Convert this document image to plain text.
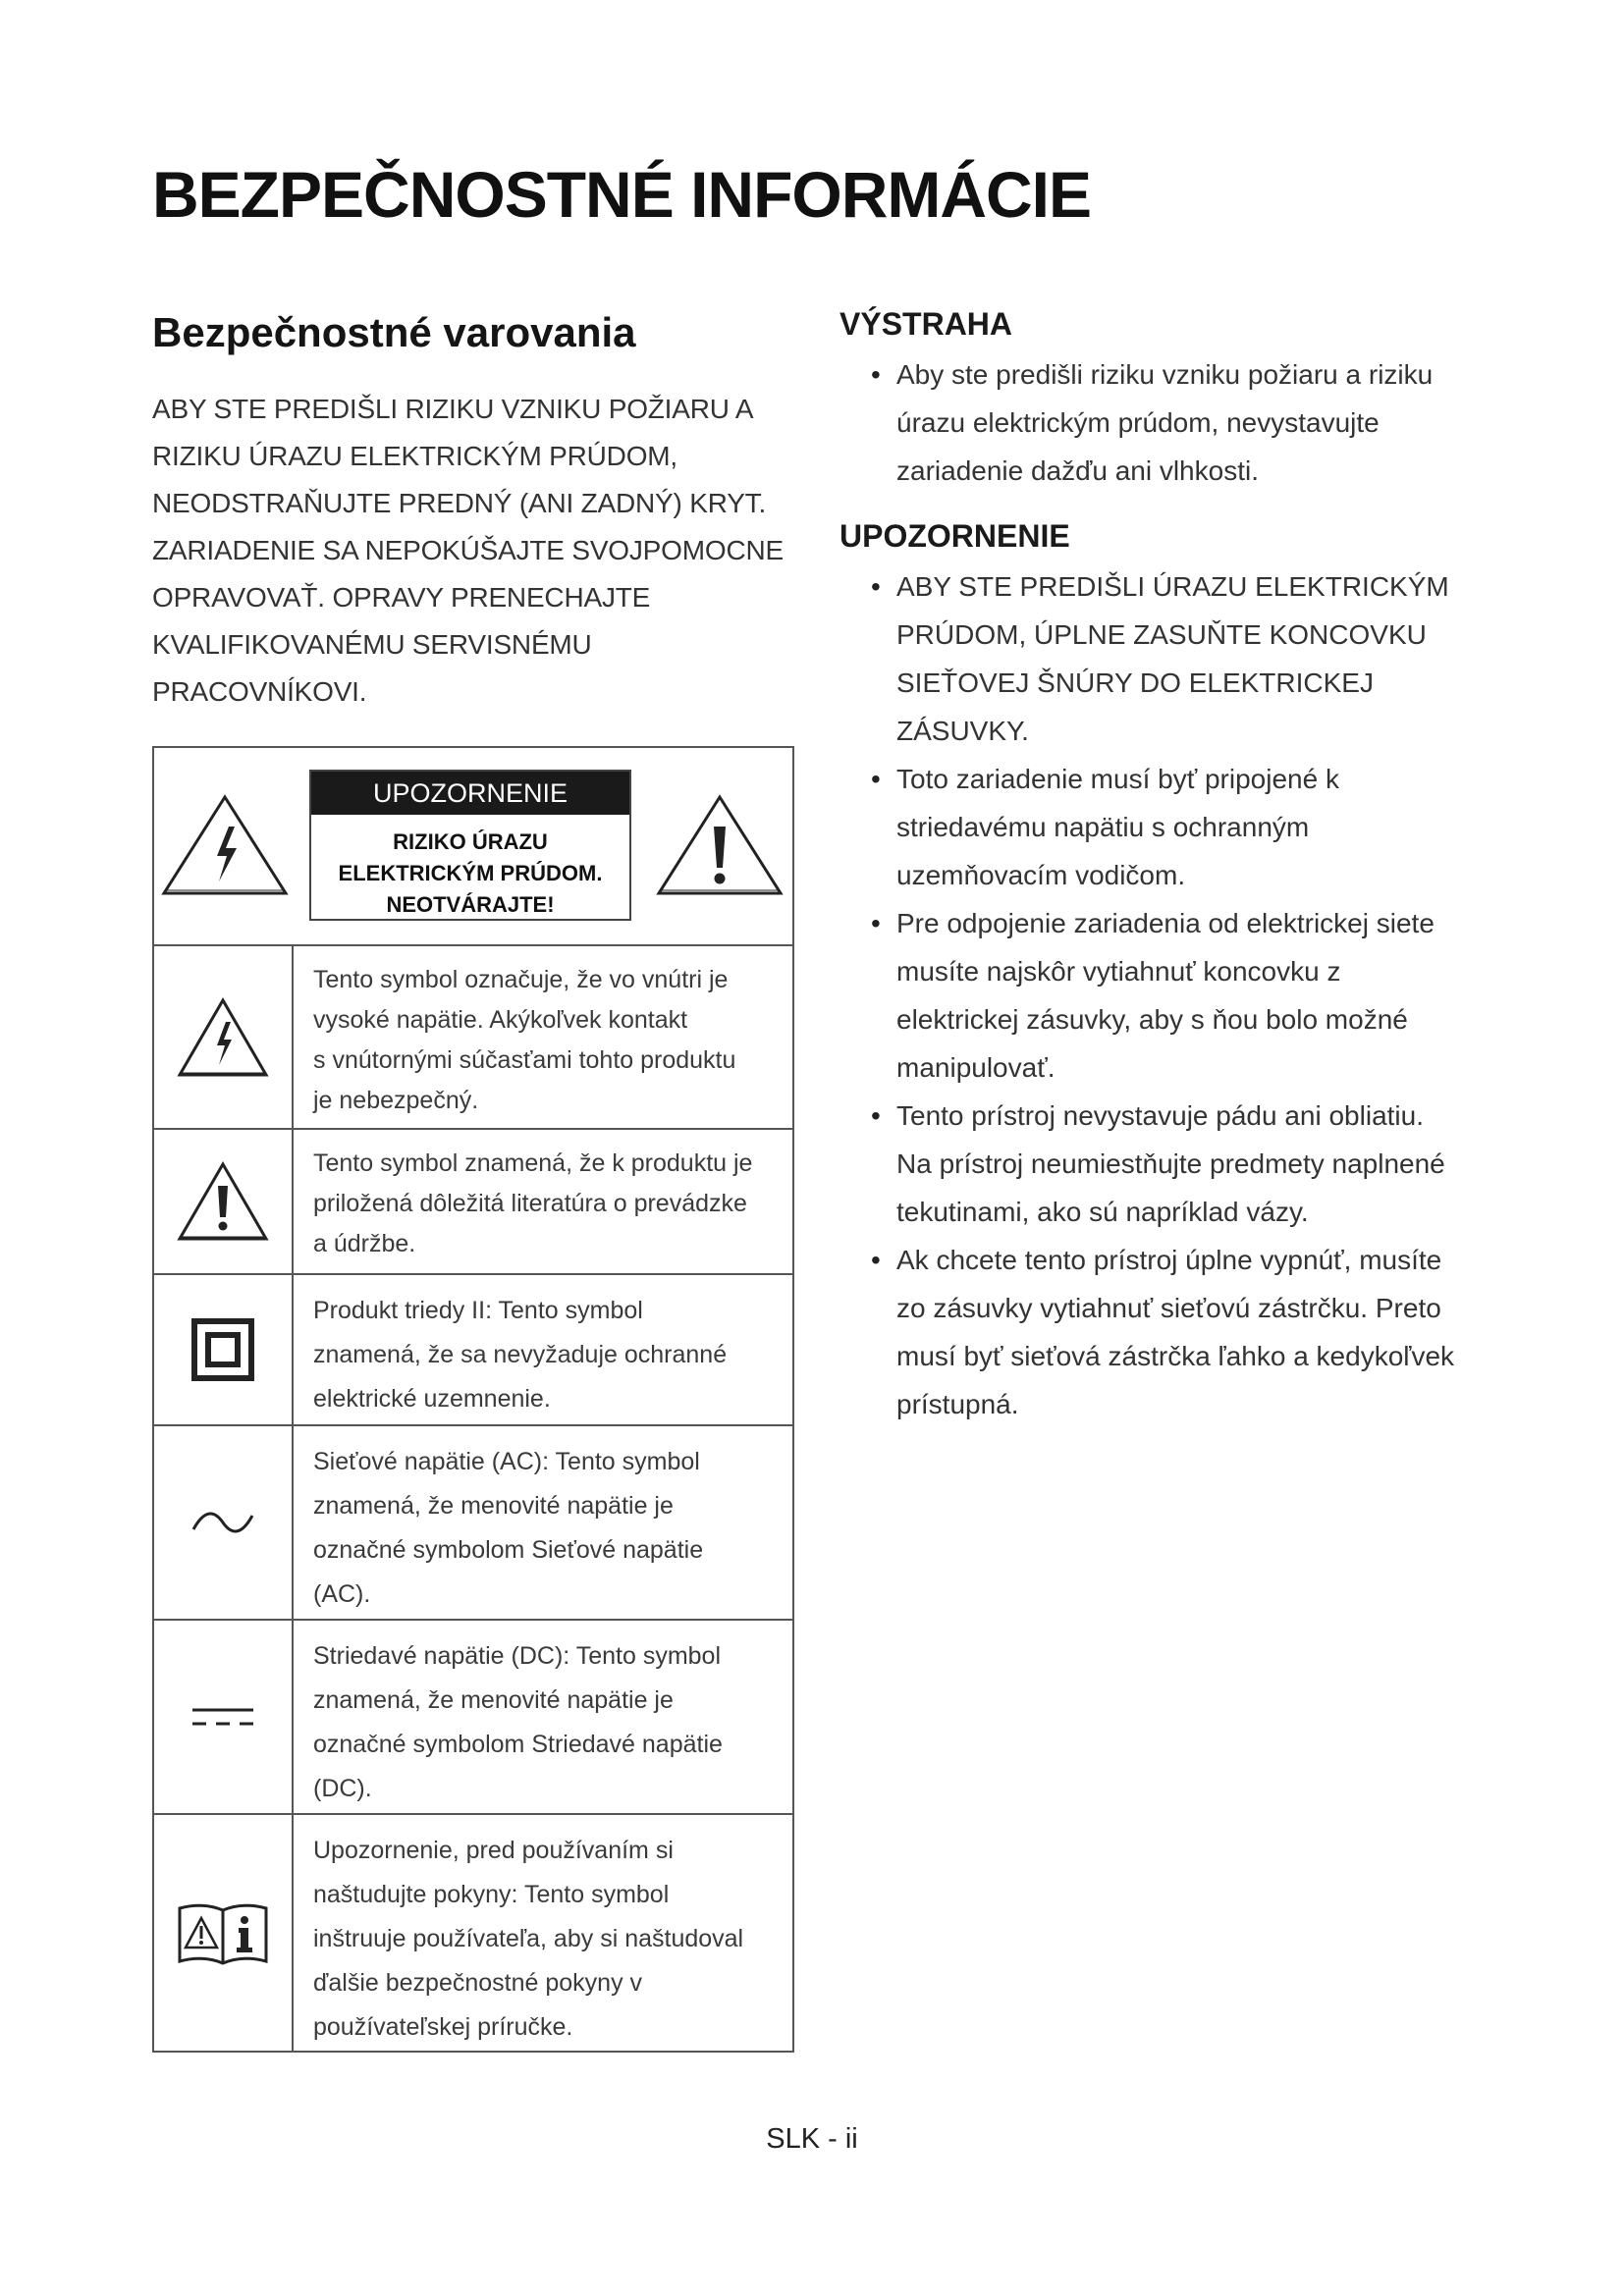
BEZPEČNOSTNÉ INFORMÁCIE
Bezpečnostné varovania
ABY STE PREDIŠLI RIZIKU VZNIKU POŽIARU A
RIZIKU ÚRAZU ELEKTRICKÝM PRÚDOM,
NEODSTRAŇUJTE PREDNÝ (ANI ZADNÝ) KRYT.
ZARIADENIE SA NEPOKÚŠAJTE SVOJPOMOCNE
OPRAVOVAŤ. OPRAVY PRENECHAJTE
KVALIFIKOVANÉMU SERVISNÉMU
PRACOVNÍKOVI.
UPOZORNENIE
RIZIKO ÚRAZU
ELEKTRICKÝM PRÚDOM.
NEOTVÁRAJTE!
Tento symbol označuje, že vo vnútri je
vysoké napätie. Akýkoľvek kontakt
s vnútornými súčasťami tohto produktu
je nebezpečný.
Tento symbol znamená, že k produktu je
priložená dôležitá literatúra o prevádzke
a údržbe.
Produkt triedy II: Tento symbol
znamená, že sa nevyžaduje ochranné
elektrické uzemnenie.
Sieťové napätie (AC): Tento symbol
znamená, že menovité napätie je
označné symbolom Sieťové napätie
(AC).
Striedavé napätie (DC): Tento symbol
znamená, že menovité napätie je
označné symbolom Striedavé napätie
(DC).
Upozornenie, pred používaním si
naštudujte pokyny: Tento symbol
inštruuje používateľa, aby si naštudoval
ďalšie bezpečnostné pokyny v
používateľskej príručke.
VÝSTRAHA
• Aby ste predišli riziku vzniku požiaru a riziku
úrazu elektrickým prúdom, nevystavujte
zariadenie dažďu ani vlhkosti.
UPOZORNENIE
• ABY STE PREDIŠLI ÚRAZU ELEKTRICKÝM
PRÚDOM, ÚPLNE ZASUŇTE KONCOVKU
SIEŤOVEJ ŠNÚRY DO ELEKTRICKEJ
ZÁSUVKY.
• Toto zariadenie musí byť pripojené k
striedavému napätiu s ochranným
uzemňovacím vodičom.
• Pre odpojenie zariadenia od elektrickej siete
musíte najskôr vytiahnuť koncovku z
elektrickej zásuvky, aby s ňou bolo možné
manipulovať.
• Tento prístroj nevystavuje pádu ani obliatiu.
Na prístroj neumiestňujte predmety naplnené
tekutinami, ako sú napríklad vázy.
• Ak chcete tento prístroj úplne vypnúť, musíte
zo zásuvky vytiahnuť sieťovú zástrčku. Preto
musí byť sieťová zástrčka ľahko a kedykoľvek
prístupná.
SLK - ii
